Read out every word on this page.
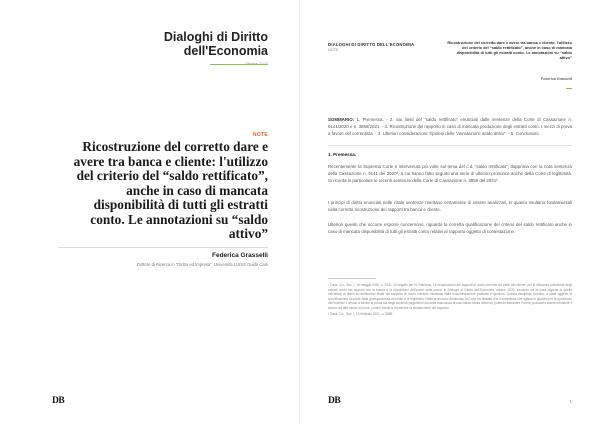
Dialoghi di Diritto

dell'Economia

NOTE
Ricostruzione del corretto dare e avere tra banca e cliente: l'utilizzo del criterio del “saldo rettificato”, anche in caso di mancata disponibilità di tutti gli estratti conto. Le annotazioni su “saldo attivo”
Federica Grasselli
Dottore di Ricerca in “Diritto ed Impresa”, Università LUISS Guido Carli
DB
DIALOGHI DI DIRITTO DELL'ECONOMIA
NOTE
Ricostruzione del corretto dare e avere tra banca e cliente: l'utilizzo del criterio del “saldo rettificato”, anche in caso di mancata disponibilità di tutti gli estratti conto. Le annotazioni su “saldo attivo”
Federica Grasselli

SOMMARIO: 1. Premessa. - 2. Sui limiti del “saldo rettificato” enunciati dalle sentenze della Corte di Cassazione n. 9141/2020 e n. 3858/2021. - 3. Ricostruzione del rapporto in caso di mancata produzione degli estratti conto. I mezzi di prova a favore del correntista. - 4. Ulteriori considerazioni: l'ipotesi delle “annotazioni: saldo attivo”. - 5. Conclusioni.

1. Premessa.

Recentemente la Suprema Corte è intervenuta più volte sul tema del c.d. “saldo rettificato”, dapprima con la nota sentenza della Cassazione n. 9141 del 2020¹, a cui hanno fatto seguito una serie di ulteriori pronunce anche della Corte di legittimità. Si ricorda in particolare le recenti sentenze della Corte di Cassazione n. 3858 del 2021².

I principi di diritto enunciati nelle citate sentenze meritano certamente di essere analizzati, in quanto risultano fondamentali nella corretta ricostruzione dei rapporti tra banca e cliente.

Ulteriori quesiti che occorre esporre concernono, riguardo la corretta qualificazione del criterio del saldo rettificato anche in caso di mancata disponibilità di tutti gli estratti conto relativi al rapporto oggetto di contestazione.

¹ Cass. Civ., Sez. I, 19 maggio 2020, n. 9141. Di seguito per N. Patriarca, La ricostruzione dei rapporti di conto corrente da parte del cliente: per la rilevanza probatoria degli estratti conto nei rapporti con la banca e la ripartizione dell'onere della prova, in Dialoghi di Diritto dell'Economia, ottobre 2020, secondo cui la cosa ragione di quello dell'attore di rifarsi al rendimento finale del rapporto di conto corrente risultante dalla documentazione prodotta in giudizio. Questa disciplina, peraltro, è stata oggetto di specificazione da parte della giurisprudenza di merito e di legittimità. Nella pronuncia richiamata, la Corte ha ribadito che il correntista che agisca in giudizio per la ripetizione dell'indebito è tenuto a fornire la prova sia degli avvenuti pagamenti sia della mancanza di una valida causa debendi, potendo assolvere l'onere probatorio anche mediante il ricorso ad altri mezzi di prova, purché idonei a consentire la ricostruzione del rapporto.

² Cass. Civ., Sez. I, 15 febbraio 2021, n. 3858.

DB	1
